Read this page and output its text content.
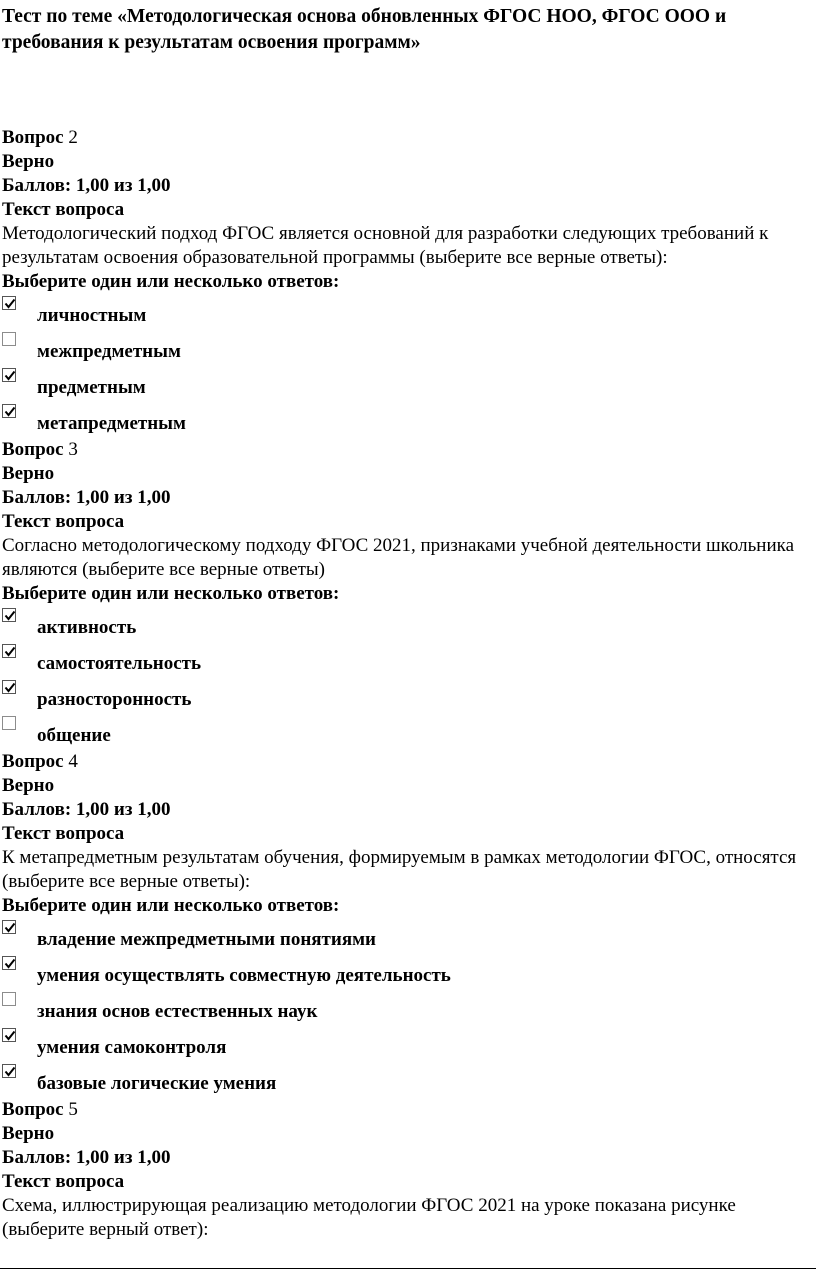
Тест по теме «Методологическая основа обновленных ФГОС НОО, ФГОС ООО и требования к результатам освоения программ»
Вопрос 2
Верно
Баллов: 1,00 из 1,00
Текст вопроса
Методологический подход ФГОС является основной для разработки следующих требований к результатам освоения образовательной программы (выберите все верные ответы):
Выберите один или несколько ответов:
личностным
межпредметным
предметным
метапредметным
Вопрос 3
Верно
Баллов: 1,00 из 1,00
Текст вопроса
Согласно методологическому подходу ФГОС 2021, признаками учебной деятельности школьника являются (выберите все верные ответы)
Выберите один или несколько ответов:
активность
самостоятельность
разносторонность
общение
Вопрос 4
Верно
Баллов: 1,00 из 1,00
Текст вопроса
К метапредметным результатам обучения, формируемым в рамках методологии ФГОС, относятся (выберите все верные ответы):
Выберите один или несколько ответов:
владение межпредметными понятиями
умения осуществлять совместную деятельность
знания основ естественных наук
умения самоконтроля
базовые логические умения
Вопрос 5
Верно
Баллов: 1,00 из 1,00
Текст вопроса
Схема, иллюстрирующая реализацию методологии ФГОС 2021 на уроке показана рисунке (выберите верный ответ):
